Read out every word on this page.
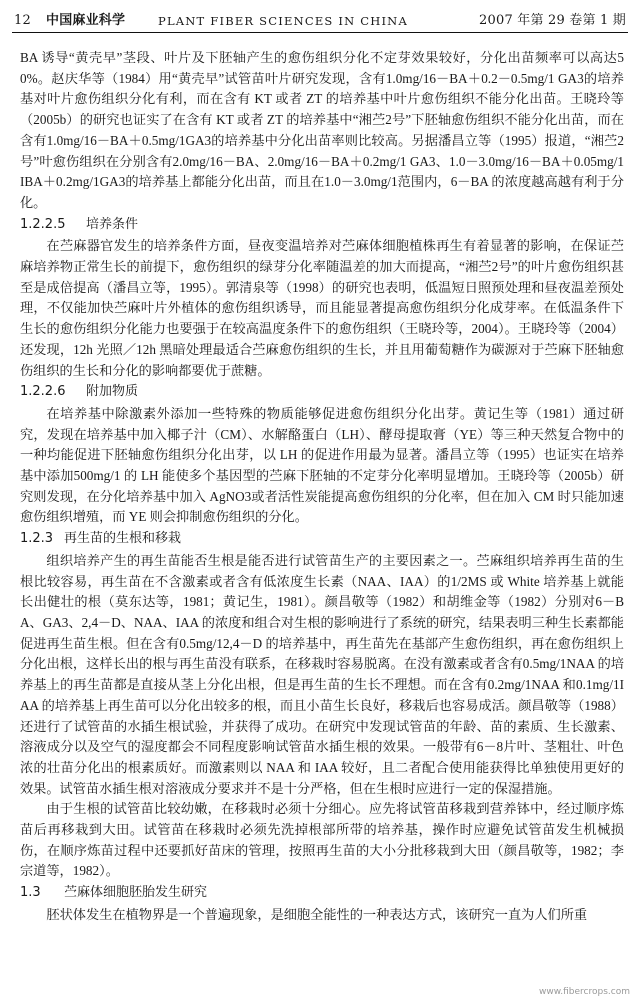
12	中国麻业科学	PLANT FIBER SCIENCES IN CHINA	2007 年第 29 卷第 1 期

BA 诱导“黄壳早”茎段、叶片及下胚轴产生的愈伤组织分化不定芽效果较好，分化出苗频率可以高达50%。赵庆华等（1984）用“黄壳早”试管苗叶片研究发现，含有1.0mg/16－BA＋0.2－0.5mg/1 GA3的培养基对叶片愈伤组织分化有利，而在含有 KT 或者 ZT 的培养基中叶片愈伤组织不能分化出苗。王晓玲等（2005b）的研究也证实了在含有 KT 或者 ZT 的培养基中“湘苎2号”下胚轴愈伤组织不能分化出苗，而在含有1.0mg/16－BA＋0.5mg/1GA3的培养基中分化出苗率则比较高。另据潘昌立等（1995）报道，“湘苎2号”叶愈伤组织在分别含有2.0mg/16－BA、2.0mg/16－BA＋0.2mg/1 GA3、1.0－3.0mg/16－BA＋0.05mg/1IBA＋0.2mg/1GA3的培养基上都能分化出苗，而且在1.0－3.0mg/1范围内，6－BA 的浓度越高越有利于分化。

1.2.2.5 培养条件

在苎麻器官发生的培养条件方面，昼夜变温培养对苎麻体细胞植株再生有着显著的影响，在保证苎麻培养物正常生长的前提下，愈伤组织的绿芽分化率随温差的加大而提高，“湘苎2号”的叶片愈伤组织甚至是成倍提高（潘昌立等，1995）。郭清泉等（1998）的研究也表明，低温短日照预处理和昼夜温差预处理，不仅能加快苎麻叶片外植体的愈伤组织诱导，而且能显著提高愈伤组织分化成芽率。在低温条件下生长的愈伤组织分化能力也要强于在较高温度条件下的愈伤组织（王晓玲等，2004）。王晓玲等（2004）还发现，12h 光照／12h 黑暗处理最适合苎麻愈伤组织的生长，并且用葡萄糖作为碳源对于苎麻下胚轴愈伤组织的生长和分化的影响都要优于蔗糖。

1.2.2.6 附加物质

在培养基中除激素外添加一些特殊的物质能够促进愈伤组织分化出芽。黄记生等（1981）通过研究，发现在培养基中加入椰子汁（CM）、水解酪蛋白（LH）、酵母提取膏（YE）等三种天然复合物中的一种均能促进下胚轴愈伤组织分化出芽，以 LH 的促进作用最为显著。潘昌立等（1995）也证实在培养基中添加500mg/1 的 LH 能使多个基因型的苎麻下胚轴的不定芽分化率明显增加。王晓玲等（2005b）研究则发现，在分化培养基中加入 AgNO3或者活性炭能提高愈伤组织的分化率，但在加入 CM 时只能加速愈伤组织增殖，而 YE 则会抑制愈伤组织的分化。

1.2.3 再生苗的生根和移栽

组织培养产生的再生苗能否生根是能否进行试管苗生产的主要因素之一。苎麻组织培养再生苗的生根比较容易，再生苗在不含激素或者含有低浓度生长素（NAA、IAA）的1/2MS 或 White 培养基上就能长出健壮的根（莫东达等，1981；黄记生，1981）。颜昌敬等（1982）和胡维金等（1982）分别对6－BA、GA3、2,4－D、NAA、IAA 的浓度和组合对生根的影响进行了系统的研究，结果表明三种生长素都能促进再生苗生根。但在含有0.5mg/12,4－D 的培养基中，再生苗先在基部产生愈伤组织，再在愈伤组织上分化出根，这样长出的根与再生苗没有联系，在移栽时容易脱离。在没有激素或者含有0.5mg/1NAA 的培养基上的再生苗都是直接从茎上分化出根，但是再生苗的生长不理想。而在含有0.2mg/1NAA 和0.1mg/1IAA 的培养基上再生苗可以分化出较多的根，而且小苗生长良好，移栽后也容易成活。颜昌敬等（1988）还进行了试管苗的水插生根试验，并获得了成功。在研究中发现试管苗的年龄、苗的素质、生长激素、溶液成分以及空气的湿度都会不同程度影响试管苗水插生根的效果。一般带有6－8片叶、茎粗壮、叶色浓的壮苗分化出的根素质好。而激素则以 NAA 和 IAA 较好，且二者配合使用能获得比单独使用更好的效果。试管苗水插生根对溶液成分要求并不是十分严格，但在生根时应进行一定的保湿措施。

由于生根的试管苗比较幼嫩，在移栽时必须十分细心。应先将试管苗移栽到营养钵中，经过顺序炼苗后再移栽到大田。试管苗在移栽时必须先洗掉根部所带的培养基，操作时应避免试管苗发生机械损伤，在顺序炼苗过程中还要抓好苗床的管理，按照再生苗的大小分批移栽到大田（颜昌敬等，1982；李宗道等，1982）。

1.3 苎麻体细胞胚胎发生研究

胚状体发生在植物界是一个普遍现象，是细胞全能性的一种表达方式，该研究一直为人们所重

www.fibercrops.com
